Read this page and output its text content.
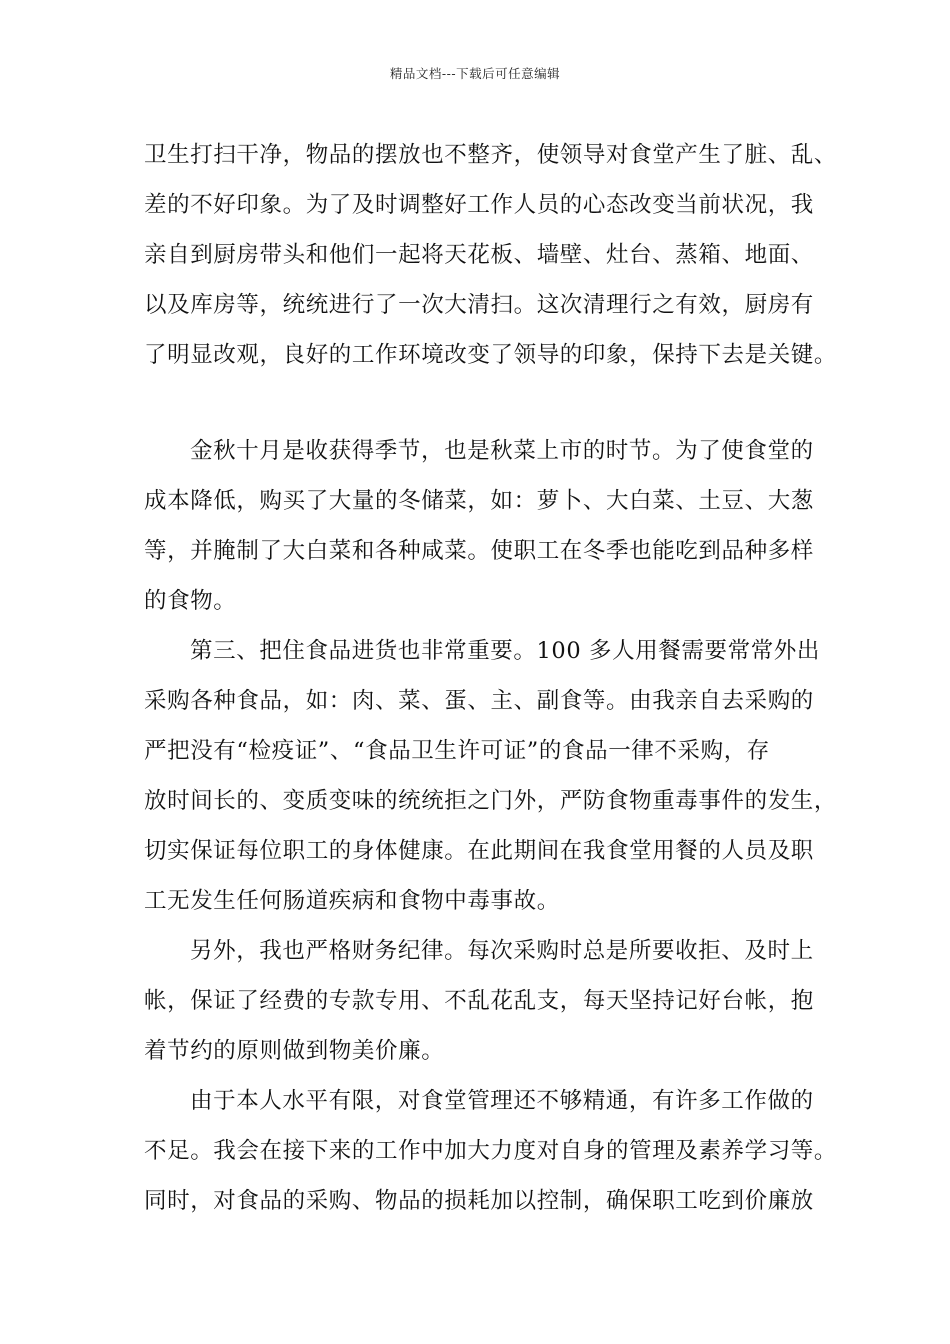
精品文档---下载后可任意编辑
卫生打扫干净，物品的摆放也不整齐，使领导对食堂产生了脏、乱、
差的不好印象。为了及时调整好工作人员的心态改变当前状况，我
亲自到厨房带头和他们一起将天花板、墙壁、灶台、蒸箱、地面、
以及库房等，统统进行了一次大清扫。这次清理行之有效，厨房有
了明显改观，良好的工作环境改变了领导的印象，保持下去是关键。
金秋十月是收获得季节，也是秋菜上市的时节。为了使食堂的
成本降低，购买了大量的冬储菜，如：萝卜、大白菜、土豆、大葱
等，并腌制了大白菜和各种咸菜。使职工在冬季也能吃到品种多样
的食物。
第三、把住食品进货也非常重要。100 多人用餐需要常常外出
采购各种食品，如：肉、菜、蛋、主、副食等。由我亲自去采购的
严把没有“检疫证”、“食品卫生许可证”的食品一律不采购，存
放时间长的、变质变味的统统拒之门外，严防食物重毒事件的发生，
切实保证每位职工的身体健康。在此期间在我食堂用餐的人员及职
工无发生任何肠道疾病和食物中毒事故。
另外，我也严格财务纪律。每次采购时总是所要收拒、及时上
帐，保证了经费的专款专用、不乱花乱支，每天坚持记好台帐，抱
着节约的原则做到物美价廉。
由于本人水平有限，对食堂管理还不够精通，有许多工作做的
不足。我会在接下来的工作中加大力度对自身的管理及素养学习等。
同时，对食品的采购、物品的损耗加以控制，确保职工吃到价廉放
